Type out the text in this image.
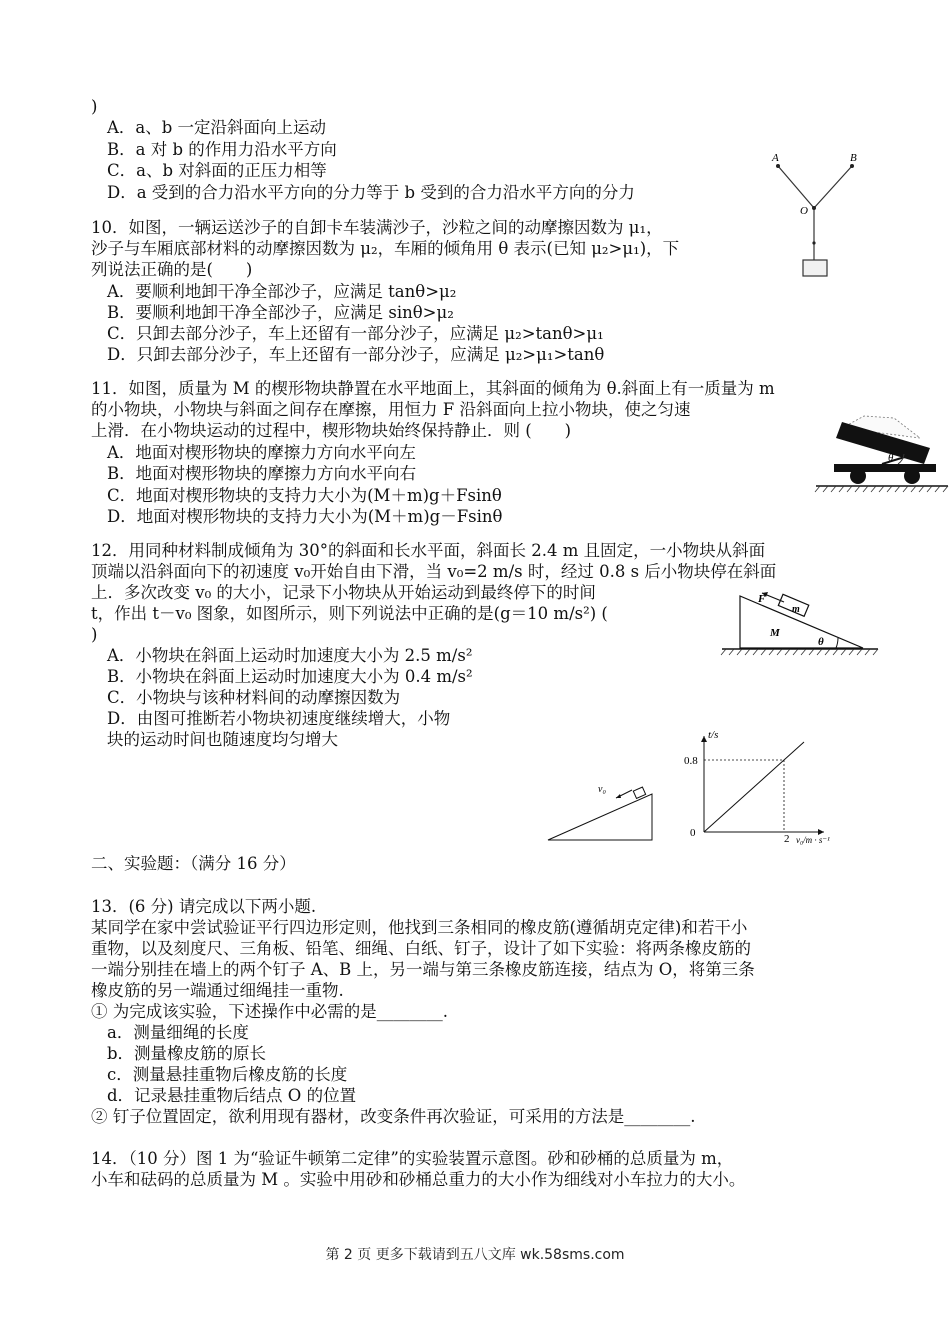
)
A．a、b 一定沿斜面向上运动
B．a 对 b 的作用力沿水平方向
C．a、b 对斜面的正压力相等
D．a 受到的合力沿水平方向的分力等于 b 受到的合力沿水平方向的分力
10．如图，一辆运送沙子的自卸卡车装满沙子，沙粒之间的动摩擦因数为 μ₁，
沙子与车厢底部材料的动摩擦因数为 μ₂，车厢的倾角用 θ 表示(已知 μ₂>μ₁)，下
列说法正确的是(　　)
A．要顺利地卸干净全部沙子，应满足 tanθ>μ₂
B．要顺利地卸干净全部沙子，应满足 sinθ>μ₂
C．只卸去部分沙子，车上还留有一部分沙子，应满足 μ₂>tanθ>μ₁
D．只卸去部分沙子，车上还留有一部分沙子，应满足 μ₂>μ₁>tanθ
11．如图，质量为 M 的楔形物块静置在水平地面上，其斜面的倾角为 θ.斜面上有一质量为 m
的小物块，小物块与斜面之间存在摩擦，用恒力 F 沿斜面向上拉小物块，使之匀速
上滑．在小物块运动的过程中，楔形物块始终保持静止．则 (　　)
A．地面对楔形物块的摩擦力方向水平向左
B．地面对楔形物块的摩擦力方向水平向右
C．地面对楔形物块的支持力大小为(M＋m)g＋Fsinθ
D．地面对楔形物块的支持力大小为(M＋m)g－Fsinθ
12．用同种材料制成倾角为 30°的斜面和长水平面，斜面长 2.4 m 且固定，一小物块从斜面
顶端以沿斜面向下的初速度 v₀开始自由下滑，当 v₀=2 m/s 时，经过 0.8 s 后小物块停在斜面
上．多次改变 v₀ 的大小，记录下小物块从开始运动到最终停下的时间
t，作出 t－v₀ 图象，如图所示，则下列说法中正确的是(g＝10 m/s²) (
)
A．小物块在斜面上运动时加速度大小为 2.5 m/s²
B．小物块在斜面上运动时加速度大小为 0.4 m/s²
C．小物块与该种材料间的动摩擦因数为
D．由图可推断若小物块初速度继续增大，小物
块的运动时间也随速度均匀增大
二、实验题：（满分 16 分）
13．(6 分) 请完成以下两小题.
某同学在家中尝试验证平行四边形定则，他找到三条相同的橡皮筋(遵循胡克定律)和若干小
重物，以及刻度尺、三角板、铅笔、细绳、白纸、钉子，设计了如下实验：将两条橡皮筋的
一端分别挂在墙上的两个钉子 A、B 上，另一端与第三条橡皮筋连接，结点为 O，将第三条
橡皮筋的另一端通过细绳挂一重物.
① 为完成该实验，下述操作中必需的是________.
a．测量细绳的长度
b．测量橡皮筋的原长
c．测量悬挂重物后橡皮筋的长度
d．记录悬挂重物后结点 O 的位置
② 钉子位置固定，欲利用现有器材，改变条件再次验证，可采用的方法是________.
14．（10 分）图 1 为“验证牛顿第二定律”的实验装置示意图。砂和砂桶的总质量为 m，
小车和砝码的总质量为 M 。实验中用砂和砂桶总重力的大小作为细线对小车拉力的大小。
A	B
O
θ
F
m
M
θ
v₀
t/s
0.8
0	2 v₀/m · s⁻¹
第 2 页 更多下载请到五八文库 wk.58sms.com
